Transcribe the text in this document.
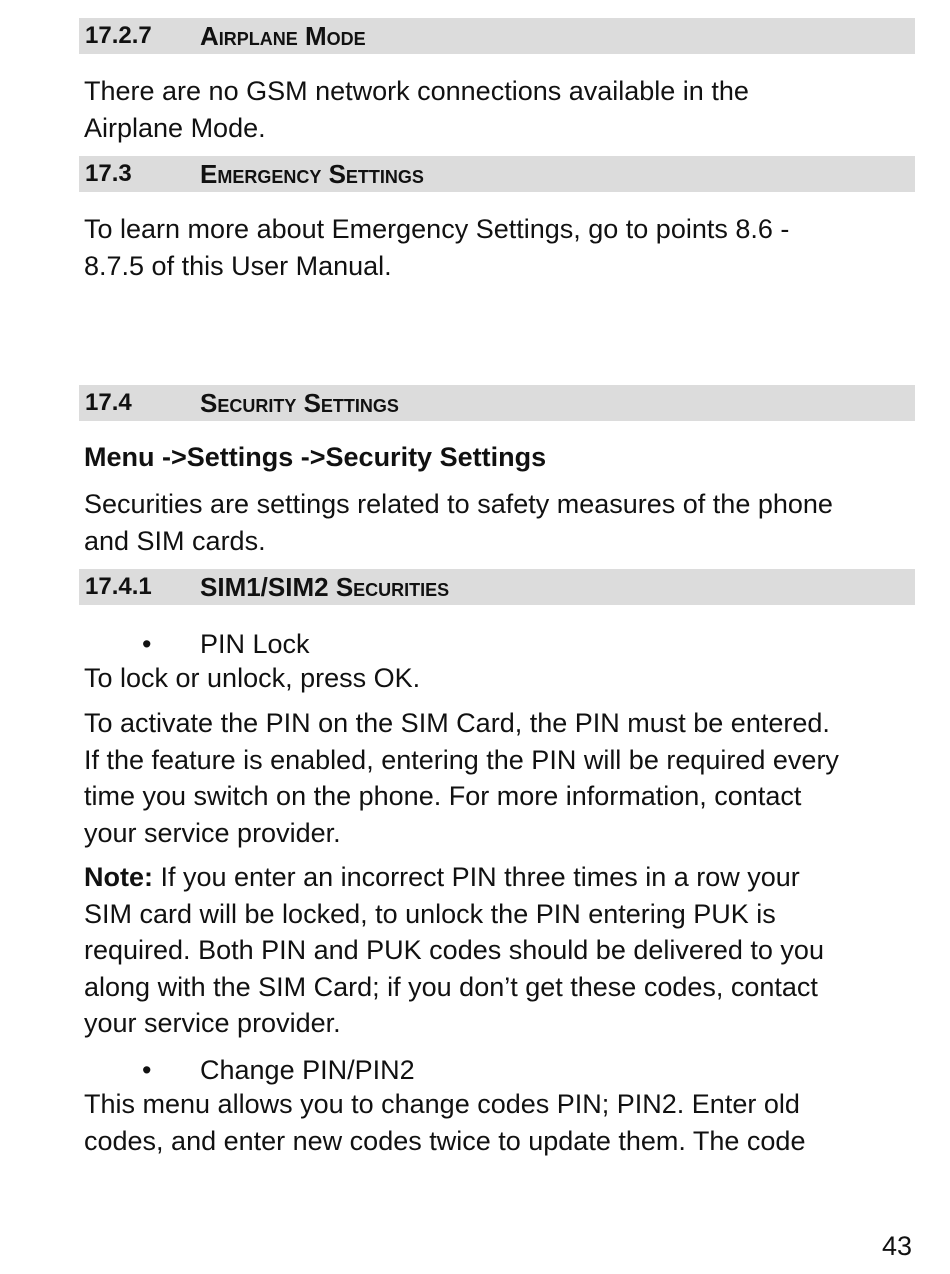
17.2.7	Airplane Mode
There are no GSM network connections available in the
Airplane Mode.
17.3	Emergency Settings
To learn more about Emergency Settings, go to points 8.6 -
8.7.5 of this User Manual.
17.4	Security Settings
Menu ->Settings ->Security Settings
Securities are settings related to safety measures of the phone
and SIM cards.
17.4.1	SIM1/SIM2 Securities
• PIN Lock
To lock or unlock, press OK.
To activate the PIN on the SIM Card, the PIN must be entered.
If the feature is enabled, entering the PIN will be required every
time you switch on the phone. For more information, contact
your service provider.
Note: If you enter an incorrect PIN three times in a row your
SIM card will be locked, to unlock the PIN entering PUK is
required. Both PIN and PUK codes should be delivered to you
along with the SIM Card; if you don’t get these codes, contact
your service provider.
• Change PIN/PIN2
This menu allows you to change codes PIN; PIN2. Enter old
codes, and enter new codes twice to update them. The code
43
